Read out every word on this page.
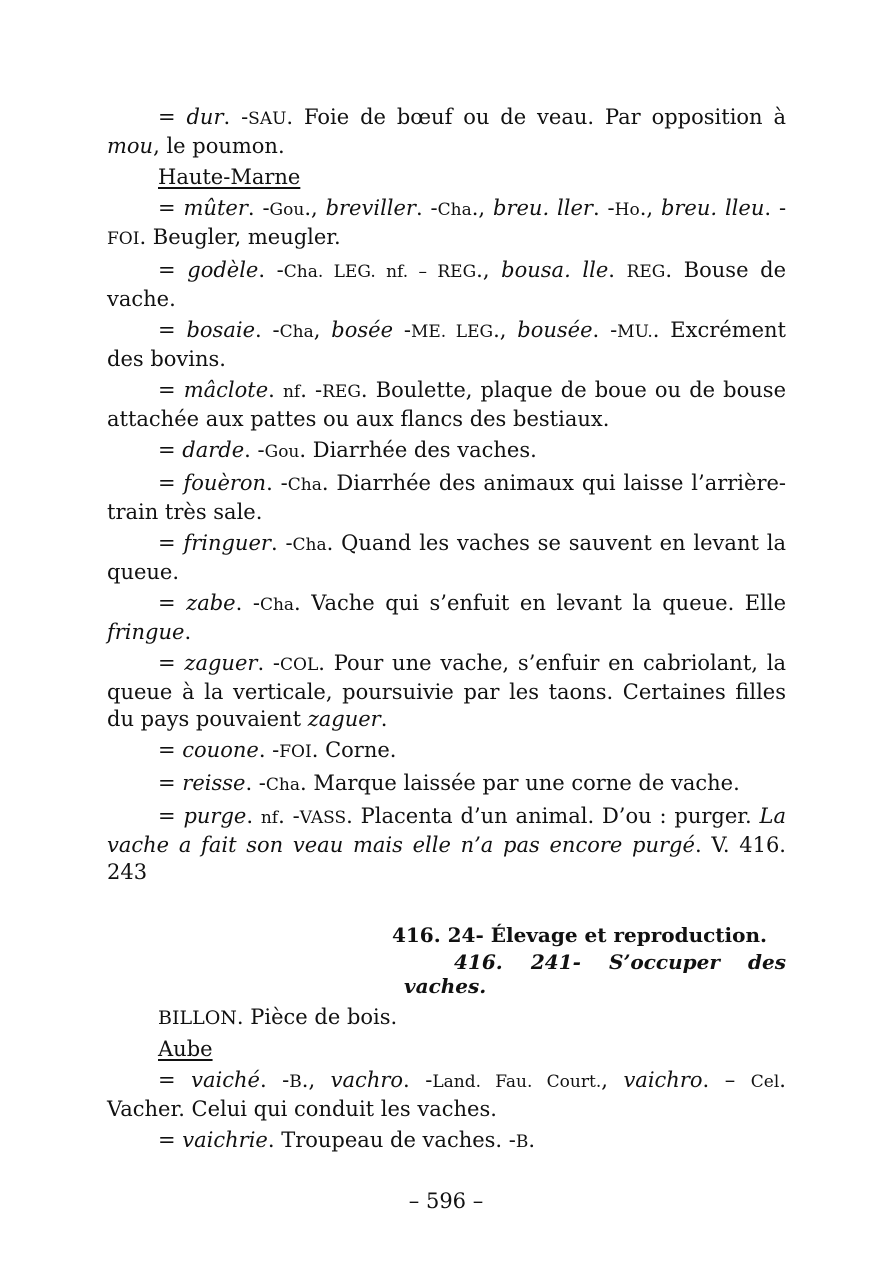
= dur. -SAU. Foie de bœuf ou de veau. Par opposition à mou, le poumon.

Haute-Marne

= mûter. -Gou., breviller. -Cha., breu. ller. -Ho., breu. lleu. -FOI. Beugler, meugler.

= godèle. -Cha. LEG. nf. – REG., bousa. lle. REG. Bouse de vache.

= bosaie. -Cha, bosée -ME. LEG., bousée. -MU.. Excrément des bovins.

= mâclote. nf. -REG. Boulette, plaque de boue ou de bouse attachée aux pattes ou aux flancs des bestiaux.

= darde. -Gou. Diarrhée des vaches.

= fouèron. -Cha. Diarrhée des animaux qui laisse l’arrière-train très sale.

= fringuer. -Cha. Quand les vaches se sauvent en levant la queue.

= zabe. -Cha. Vache qui s’enfuit en levant la queue. Elle fringue.

= zaguer. -COL. Pour une vache, s’enfuir en cabriolant, la queue à la verticale, poursuivie par les taons. Certaines filles du pays pouvaient zaguer.

= couone. -FOI. Corne.

= reisse. -Cha. Marque laissée par une corne de vache.

= purge. nf. -VASS. Placenta d’un animal. D’ou : purger. La vache a fait son veau mais elle n’a pas encore purgé. V. 416. 243

416. 24- Élevage et reproduction.
416. 241- S’occuper des
vaches.

BILLON. Pièce de bois.

Aube

= vaiché. -B., vachro. -Land. Fau. Court., vaichro. – Cel. Vacher. Celui qui conduit les vaches.

= vaichrie. Troupeau de vaches. -B.

– 596 –
